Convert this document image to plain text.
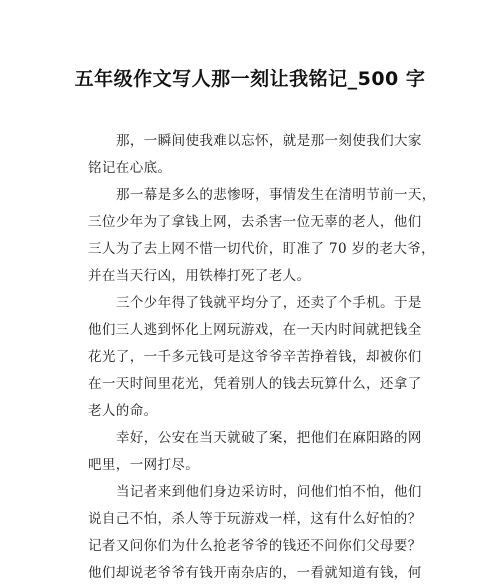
五年级作文写人那一刻让我铭记_500 字
那，一瞬间使我难以忘怀，就是那一刻使我们大家
铭记在心底。
那一幕是多么的悲惨呀，事情发生在清明节前一天，
三位少年为了拿钱上网，去杀害一位无辜的老人，他们
三人为了去上网不惜一切代价，盯准了 70 岁的老大爷，
并在当天行凶，用铁棒打死了老人。
三个少年得了钱就平均分了，还卖了个手机。于是
他们三人逃到怀化上网玩游戏，在一天内时间就把钱全
花光了，一千多元钱可是这爷爷辛苦挣着钱，却被你们
在一天时间里花光，凭着别人的钱去玩算什么，还拿了
老人的命。
幸好，公安在当天就破了案，把他们在麻阳路的网
吧里，一网打尽。
当记者来到他们身边采访时，问他们怕不怕，他们
说自己不怕，杀人等于玩游戏一样，这有什么好怕的？
记者又问你们为什么抢老爷爷的钱还不问你们父母要？
他们却说老爷爷有钱开南杂店的，一看就知道有钱，何
